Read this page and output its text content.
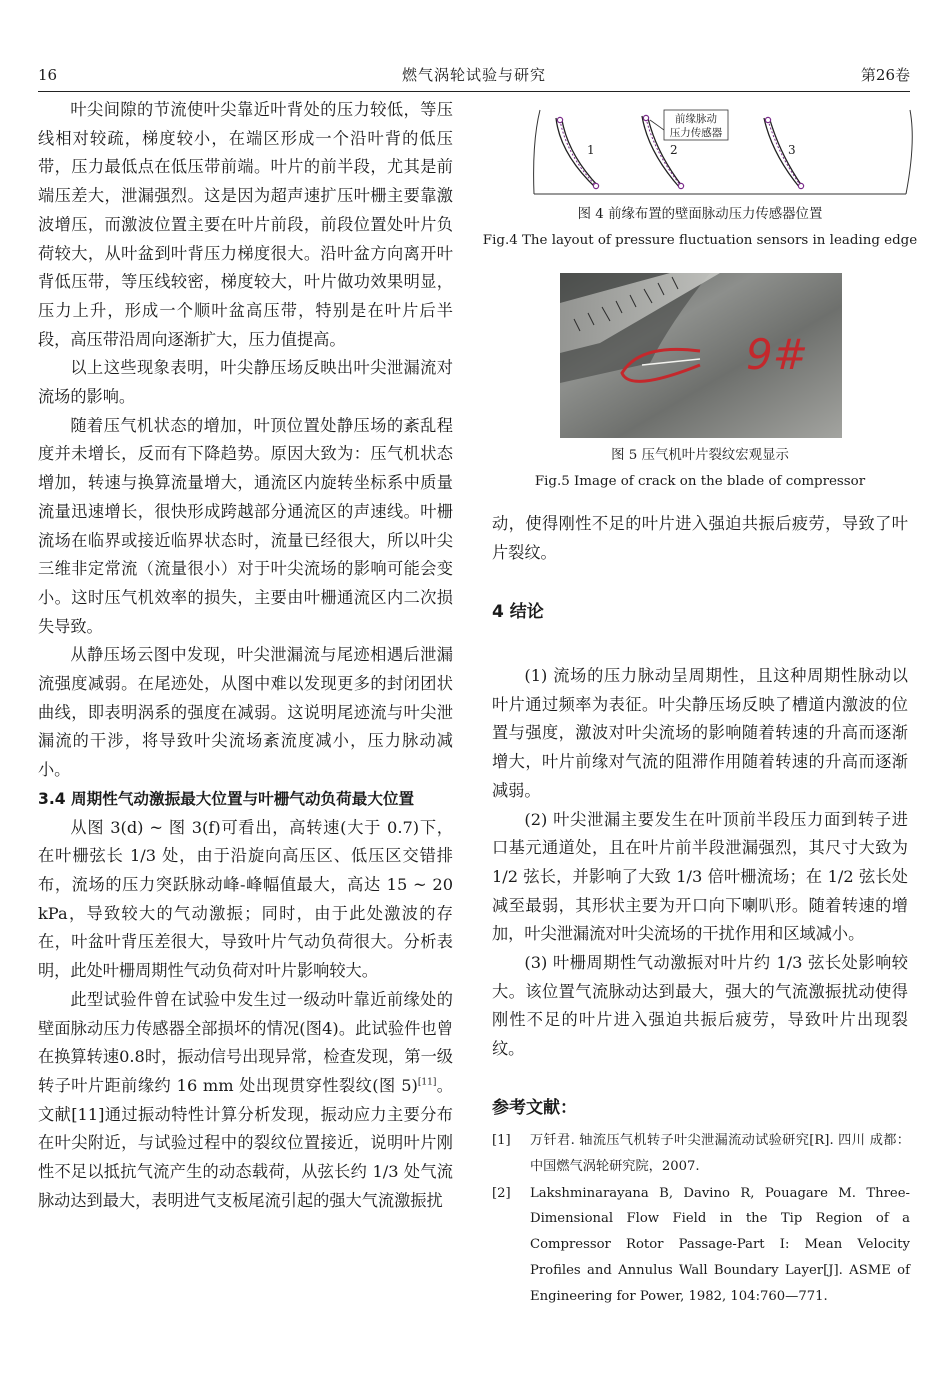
16	燃气涡轮试验与研究	第26卷

叶尖间隙的节流使叶尖靠近叶背处的压力较低，等压线相对较疏，梯度较小，在端区形成一个沿叶背的低压带，压力最低点在低压带前端。叶片的前半段，尤其是前端压差大，泄漏强烈。这是因为超声速扩压叶栅主要靠激波增压，而激波位置主要在叶片前段，前段位置处叶片负荷较大，从叶盆到叶背压力梯度很大。沿叶盆方向离开叶背低压带，等压线较密，梯度较大，叶片做功效果明显，压力上升，形成一个顺叶盆高压带，特别是在叶片后半段，高压带沿周向逐渐扩大，压力值提高。

以上这些现象表明，叶尖静压场反映出叶尖泄漏流对流场的影响。

随着压气机状态的增加，叶顶位置处静压场的紊乱程度并未增长，反而有下降趋势。原因大致为：压气机状态增加，转速与换算流量增大，通流区内旋转坐标系中质量流量迅速增长，很快形成跨越部分通流区的声速线。叶栅流场在临界或接近临界状态时，流量已经很大，所以叶尖三维非定常流（流量很小）对于叶尖流场的影响可能会变小。这时压气机效率的损失，主要由叶栅通流区内二次损失导致。

从静压场云图中发现，叶尖泄漏流与尾迹相遇后泄漏流强度减弱。在尾迹处，从图中难以发现更多的封闭团状曲线，即表明涡系的强度在减弱。这说明尾迹流与叶尖泄漏流的干涉，将导致叶尖流场紊流度减小，压力脉动减小。

3.4 周期性气动激振最大位置与叶栅气动负荷最大位置

从图 3(d) ~ 图 3(f)可看出，高转速(大于 0.7)下，在叶栅弦长 1/3 处，由于沿旋向高压区、低压区交错排布，流场的压力突跃脉动峰-峰幅值最大，高达 15 ~ 20 kPa，导致较大的气动激振；同时，由于此处激波的存在，叶盆叶背压差很大，导致叶片气动负荷很大。分析表明，此处叶栅周期性气动负荷对叶片影响较大。

此型试验件曾在试验中发生过一级动叶靠近前缘处的壁面脉动压力传感器全部损坏的情况(图4)。此试验件也曾在换算转速0.8时，振动信号出现异常，检查发现，第一级转子叶片距前缘约 16 mm 处出现贯穿性裂纹(图 5)[11]。文献[11]通过振动特性计算分析发现，振动应力主要分布在叶尖附近，与试验过程中的裂纹位置接近，说明叶片刚性不足以抵抗气流产生的动态载荷，从弦长约 1/3 处气流脉动达到最大，表明进气支板尾流引起的强大气流激振扰

前缘脉动
压力传感器
1	2	3
图 4 前缘布置的壁面脉动压力传感器位置
Fig.4 The layout of pressure fluctuation sensors in leading edge
9#
图 5 压气机叶片裂纹宏观显示
Fig.5 Image of crack on the blade of compressor

动，使得刚性不足的叶片进入强迫共振后疲劳，导致了叶片裂纹。

4 结论

(1) 流场的压力脉动呈周期性，且这种周期性脉动以叶片通过频率为表征。叶尖静压场反映了槽道内激波的位置与强度，激波对叶尖流场的影响随着转速的升高而逐渐增大，叶片前缘对气流的阻滞作用随着转速的升高而逐渐减弱。

(2) 叶尖泄漏主要发生在叶顶前半段压力面到转子进口基元通道处，且在叶片前半段泄漏强烈，其尺寸大致为 1/2 弦长，并影响了大致 1/3 倍叶栅流场；在 1/2 弦长处减至最弱，其形状主要为开口向下喇叭形。随着转速的增加，叶尖泄漏流对叶尖流场的干扰作用和区域减小。

(3) 叶栅周期性气动激振对叶片约 1/3 弦长处影响较大。该位置气流脉动达到最大，强大的气流激振扰动使得刚性不足的叶片进入强迫共振后疲劳，导致叶片出现裂纹。

参考文献：
[1] 万钎君. 轴流压气机转子叶尖泄漏流动试验研究[R]. 四川 成都：中国燃气涡轮研究院，2007.
[2] Lakshminarayana B, Davino R, Pouagare M. Three-Dimensional Flow Field in the Tip Region of a Compressor Rotor Passage-Part I: Mean Velocity Profiles and Annulus Wall Boundary Layer[J]. ASME of Engineering for Power, 1982, 104:760—771.
